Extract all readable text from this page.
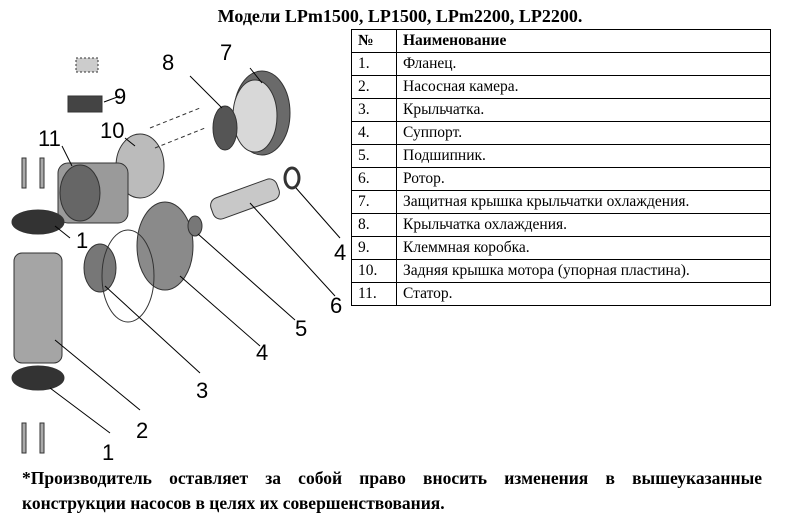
Модели LPm1500, LP1500, LPm2200, LP2200.
7
8
9
10
11
1	4
6
5
4
3
2
1
№	Наименование
1.	Фланец.
2.	Насосная камера.
3.	Крыльчатка.
4.	Суппорт.
5.	Подшипник.
6.	Ротор.
7.	Защитная крышка крыльчатки охлаждения.
8.	Крыльчатка охлаждения.
9.	Клеммная коробка.
10.	Задняя крышка мотора (упорная пластина).
11.	Статор.
*Производитель оставляет за собой право вносить изменения в вышеуказанные конструкции насосов в целях их совершенствования.
